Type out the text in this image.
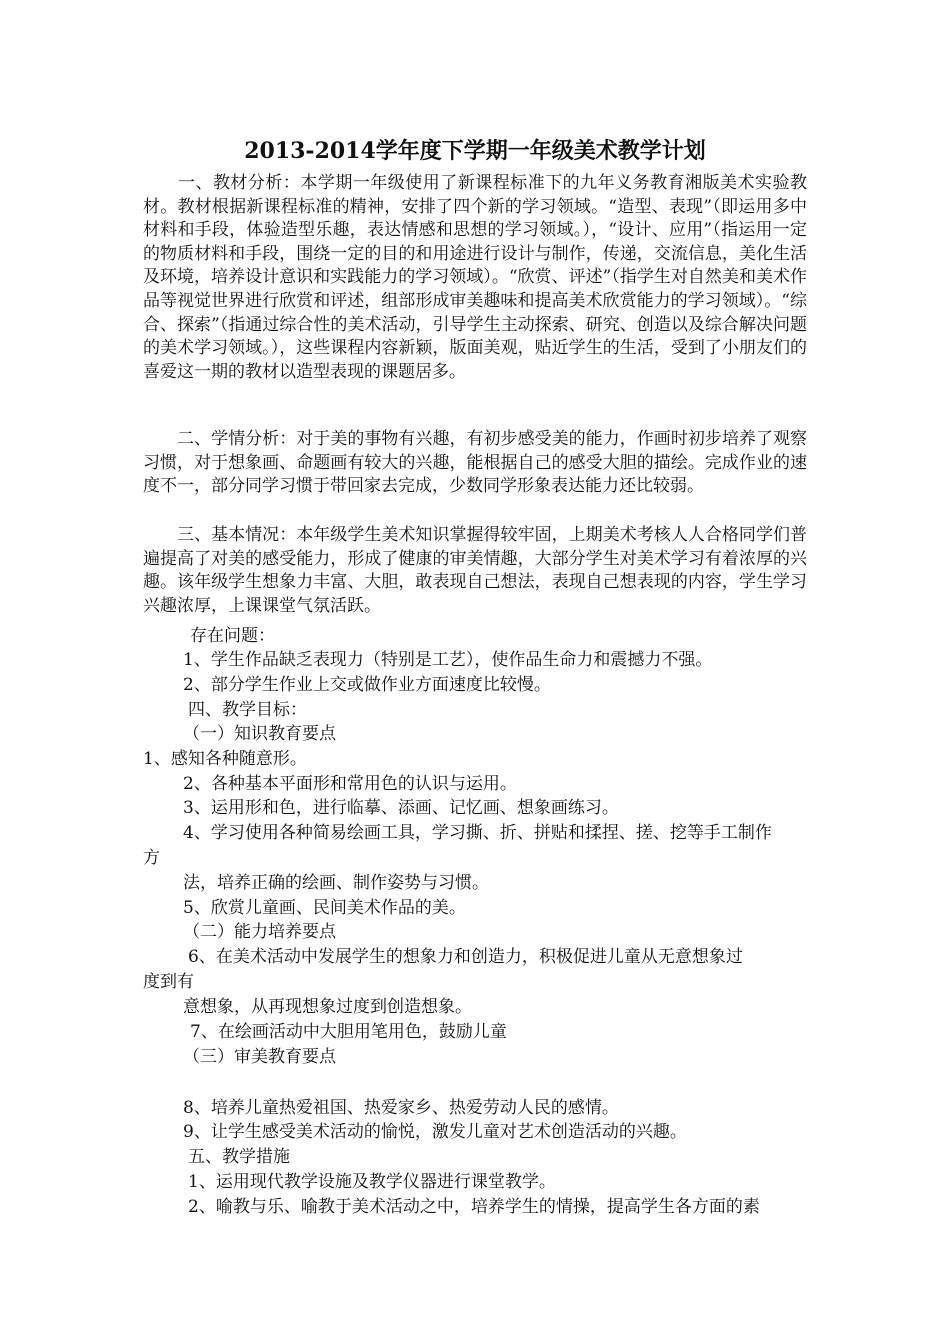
2013-2014学年度下学期一年级美术教学计划
　　一、教材分析：本学期一年级使用了新课程标准下的九年义务教育湘版美术实验教材。教材根据新课程标准的精神，安排了四个新的学习领域。“造型、表现”（即运用多中材料和手段，体验造型乐趣，表达情感和思想的学习领域。），“设计、应用”（指运用一定的物质材料和手段，围绕一定的目的和用途进行设计与制作，传递，交流信息，美化生活及环境，培养设计意识和实践能力的学习领域）。“欣赏、评述”（指学生对自然美和美术作品等视觉世界进行欣赏和评述，组部形成审美趣味和提高美术欣赏能力的学习领域）。“综合、探索”（指通过综合性的美术活动，引导学生主动探索、研究、创造以及综合解决问题的美术学习领域。），这些课程内容新颖，版面美观，贴近学生的生活，受到了小朋友们的喜爱这一期的教材以造型表现的课题居多。
　　二、学情分析：对于美的事物有兴趣，有初步感受美的能力，作画时初步培养了观察习惯，对于想象画、命题画有较大的兴趣，能根据自己的感受大胆的描绘。完成作业的速度不一，部分同学习惯于带回家去完成，少数同学形象表达能力还比较弱。
　　三、基本情况：本年级学生美术知识掌握得较牢固，上期美术考核人人合格同学们普遍提高了对美的感受能力，形成了健康的审美情趣，大部分学生对美术学习有着浓厚的兴趣。该年级学生想象力丰富、大胆，敢表现自己想法，表现自己想表现的内容，学生学习兴趣浓厚，上课课堂气氛活跃。
存在问题：
1、学生作品缺乏表现力（特别是工艺），使作品生命力和震撼力不强。
2、部分学生作业上交或做作业方面速度比较慢。
四、教学目标：
（一）知识教育要点
1、感知各种随意形。
2、各种基本平面形和常用色的认识与运用。
3、运用形和色，进行临摹、添画、记忆画、想象画练习。
4、学习使用各种简易绘画工具，学习撕、折、拼贴和揉捏、搓、挖等手工制作
方
法，培养正确的绘画、制作姿势与习惯。
5、欣赏儿童画、民间美术作品的美。
（二）能力培养要点
6、在美术活动中发展学生的想象力和创造力，积极促进儿童从无意想象过
度到有
意想象，从再现想象过度到创造想象。
7、在绘画活动中大胆用笔用色，鼓励儿童
（三）审美教育要点
8、培养儿童热爱祖国、热爱家乡、热爱劳动人民的感情。
9、让学生感受美术活动的愉悦，激发儿童对艺术创造活动的兴趣。
五、教学措施
1、运用现代教学设施及教学仪器进行课堂教学。
2、喻教与乐、喻教于美术活动之中，培养学生的情操，提高学生各方面的素
